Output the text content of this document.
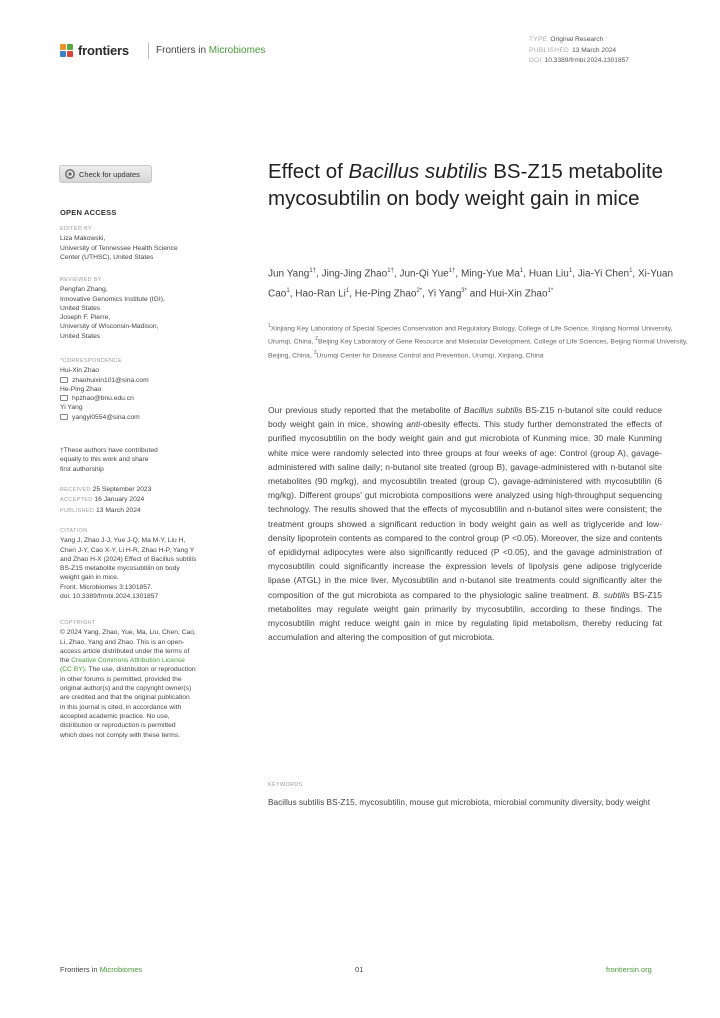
frontiers	Frontiers in Microbiomes
TYPE Original Research
PUBLISHED 13 March 2024
DOI 10.3389/frmbi.2024.1301857
Check for updates
OPEN ACCESS
EDITED BY
Liza Makowski,
University of Tennessee Health Science
Center (UTHSC), United States
REVIEWED BY
Pengfan Zhang,
Innovative Genomics Institute (IGI),
United States
Joseph F. Pierre,
University of Wisconsin-Madison,
United States
*CORRESPONDENCE
Hui-Xin Zhao
zhaohuixin101@sina.com
He-Ping Zhao
hpzhao@bnu.edu.cn
Yi Yang
yangyi0554@sina.com
†These authors have contributed
equally to this work and share
first authorship
RECEIVED 25 September 2023
ACCEPTED 16 January 2024
PUBLISHED 13 March 2024
CITATION
Yang J, Zhao J-J, Yue J-Q, Ma M-Y, Liu H,
Chen J-Y, Cao X-Y, Li H-R, Zhao H-P, Yang Y
and Zhao H-X (2024) Effect of Bacillus subtilis
BS-Z15 metabolite mycosubtilin on body
weight gain in mice.
Front. Microbiomes 3:1301857.
doi: 10.3389/frmbi.2024.1301857
COPYRIGHT
© 2024 Yang, Zhao, Yue, Ma, Liu, Chen, Cao,
Li, Zhao, Yang and Zhao. This is an open-
access article distributed under the terms of
the Creative Commons Attribution License
(CC BY). The use, distribution or reproduction
in other forums is permitted, provided the
original author(s) and the copyright owner(s)
are credited and that the original publication
in this journal is cited, in accordance with
accepted academic practice. No use,
distribution or reproduction is permitted
which does not comply with these terms.
Effect of Bacillus subtilis BS-Z15 metabolite mycosubtilin on body weight gain in mice
Jun Yang$^{1\dagger}$, Jing-Jing Zhao$^{1\dagger}$, Jun-Qi Yue$^{1\dagger}$, Ming-Yue Ma$^1$, Huan Liu$^1$, Jia-Yi Chen$^1$, Xi-Yuan Cao$^1$, Hao-Ran Li$^1$, He-Ping Zhao$^{2*}$, Yi Yang$^{3*}$ and Hui-Xin Zhao$^{1*}$
$^1$Xinjiang Key Laboratory of Special Species Conservation and Regulatory Biology, College of Life Science, Xinjiang Normal University, Urumqi, China, $^2$Beijing Key Laboratory of Gene Resource and Molecular Development, College of Life Sciences, Beijing Normal University, Beijing, China, $^3$Urumqi Center for Disease Control and Prevention, Urumqi, Xinjiang, China
Our previous study reported that the metabolite of Bacillus subtilis BS-Z15 n-butanol site could reduce body weight gain in mice, showing anti-obesity effects. This study further demonstrated the effects of purified mycosubtilin on the body weight gain and gut microbiota of Kunming mice. 30 male Kunming white mice were randomly selected into three groups at four weeks of age: Control (group A), gavage-administered with saline daily; n-butanol site treated (group B), gavage-administered with n-butanol site metabolites (90 mg/kg), and mycosubtilin treated (group C), gavage-administered with mycosubtilin (6 mg/kg). Different groups' gut microbiota compositions were analyzed using high-throughput sequencing technology. The results showed that the effects of mycosubtilin and n-butanol sites were consistent; the treatment groups showed a significant reduction in body weight gain as well as triglyceride and low-density lipoprotein contents as compared to the control group (P <0.05). Moreover, the size and contents of epididymal adipocytes were also significantly reduced (P <0.05), and the gavage administration of mycosubtilin could significantly increase the expression levels of lipolysis gene adipose triglyceride lipase (ATGL) in the mice liver. Mycosubtilin and n-butanol site treatments could significantly alter the composition of the gut microbiota as compared to the physiologic saline treatment. B. subtilis BS-Z15 metabolites may regulate weight gain primarily by mycosubtilin, according to these findings. The mycosubtilin might reduce weight gain in mice by regulating lipid metabolism, thereby reducing fat accumulation and altering the composition of gut microbiota.
KEYWORDS
Bacillus subtilis BS-Z15, mycosubtilin, mouse gut microbiota, microbial community diversity, body weight
Frontiers in Microbiomes	01	frontiersin.org
